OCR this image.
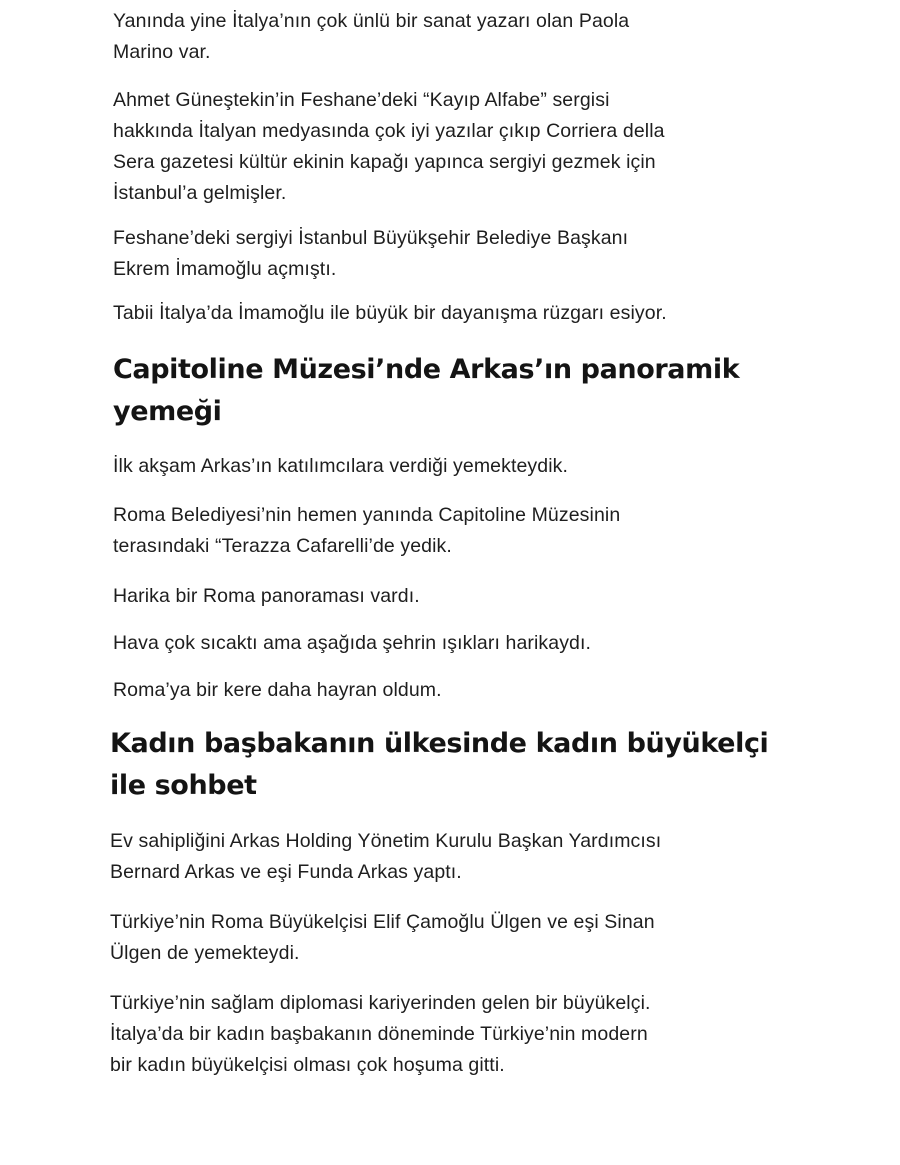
Yanında yine İtalya’nın çok ünlü bir sanat yazarı olan Paola
Marino var.

Ahmet Güneştekin’in Feshane’deki “Kayıp Alfabe” sergisi
hakkında İtalyan medyasında çok iyi yazılar çıkıp Corriera della
Sera gazetesi kültür ekinin kapağı yapınca sergiyi gezmek için
İstanbul’a gelmişler.

Feshane’deki sergiyi İstanbul Büyükşehir Belediye Başkanı
Ekrem İmamoğlu açmıştı.

Tabii İtalya’da İmamoğlu ile büyük bir dayanışma rüzgarı esiyor.

Capitoline Müzesi’nde Arkas’ın panoramik
yemeği

İlk akşam Arkas’ın katılımcılara verdiği yemekteydik.

Roma Belediyesi’nin hemen yanında Capitoline Müzesinin
terasındaki “Terazza Cafarelli’de yedik.

Harika bir Roma panoraması vardı.

Hava çok sıcaktı ama aşağıda şehrin ışıkları harikaydı.

Roma’ya bir kere daha hayran oldum.

Kadın başbakanın ülkesinde kadın büyükelçi
ile sohbet

Ev sahipliğini Arkas Holding Yönetim Kurulu Başkan Yardımcısı
Bernard Arkas ve eşi Funda Arkas yaptı.

Türkiye’nin Roma Büyükelçisi Elif Çamoğlu Ülgen ve eşi Sinan
Ülgen de yemekteydi.

Türkiye’nin sağlam diplomasi kariyerinden gelen bir büyükelçi.
İtalya’da bir kadın başbakanın döneminde Türkiye’nin modern
bir kadın büyükelçisi olması çok hoşuma gitti.
